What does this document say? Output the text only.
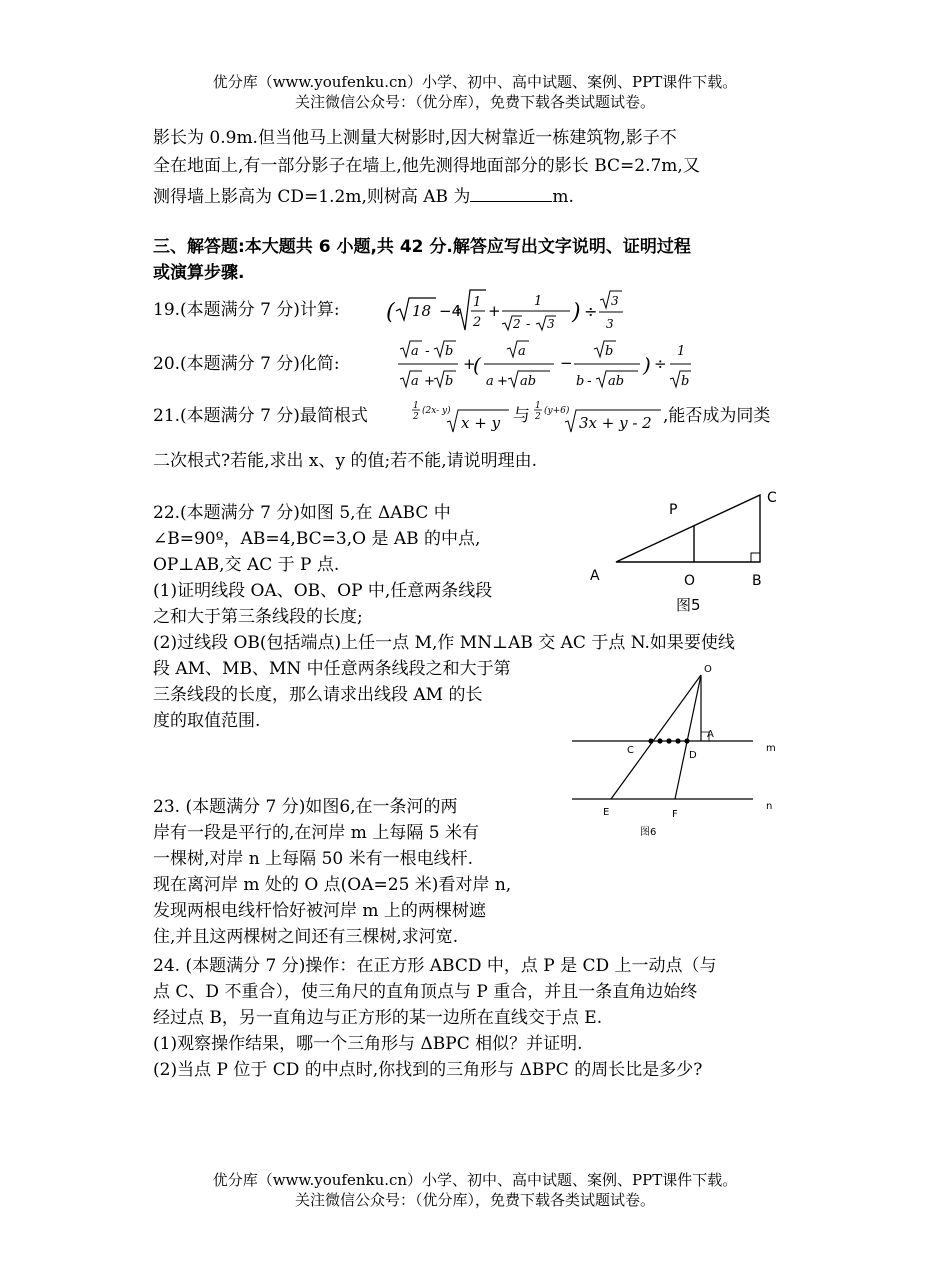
优分库（www.youfenku.cn）小学、初中、高中试题、案例、PPT课件下载。
关注微信公众号：（优分库），免费下载各类试题试卷。
影长为 0.9m.但当他马上测量大树影时,因大树靠近一栋建筑物,影子不
全在地面上,有一部分影子在墙上,他先测得地面部分的影长 BC=2.7m,又
测得墙上影高为 CD=1.2m,则树高 AB 为	m.
三、解答题:本大题共 6 小题,共 42 分.解答应写出文字说明、证明过程
或演算步骤.
19.(本题满分 7 分)计算: ( 18 −4 1
2
+
1
2 - 3 ) ÷
3
3
20.(本题满分 7 分)化简:
a - b
a + b
+
(
a
a + ab
−
b
b - ab
) ÷
1
b
21.(本题满分 7 分)最简根式	1
2
(2x- y)
x + y 与 1
2
(y+6)
3x + y - 2 ,能否成为同类
二次根式?若能,求出 x、y 的值;若不能,请说明理由.
22.(本题满分 7 分)如图 5,在 ΔABC 中
∠B=90º，AB=4,BC=3,O 是 AB 的中点,
OP⊥AB,交 AC 于 P 点.
(1)证明线段 OA、OB、OP 中,任意两条线段
之和大于第三条线段的长度;
(2)过线段 OB(包括端点)上任一点 M,作 MN⊥AB 交 AC 于点 N.如果要使线
段 AM、MB、MN 中任意两条线段之和大于第
三条线段的长度，那么请求出线段 AM 的长
度的取值范围.
A	O	B
P
C
图5
23. (本题满分 7 分)如图6,在一条河的两
岸有一段是平行的,在河岸 m 上每隔 5 米有
一棵树,对岸 n 上每隔 50 米有一根电线杆.
现在离河岸 m 处的 O 点(OA=25 米)看对岸 n,
发现两根电线杆恰好被河岸 m 上的两棵树遮
住,并且这两棵树之间还有三棵树,求河宽.
O
A
C	D
E	F
m
n
图6
24. (本题满分 7 分)操作：在正方形 ABCD 中，点 P 是 CD 上一动点（与
点 C、D 不重合），使三角尺的直角顶点与 P 重合，并且一条直角边始终
经过点 B，另一直角边与正方形的某一边所在直线交于点 E.
(1)观察操作结果，哪一个三角形与 ΔBPC 相似？并证明.
(2)当点 P 位于 CD 的中点时,你找到的三角形与 ΔBPC 的周长比是多少?
优分库（www.youfenku.cn）小学、初中、高中试题、案例、PPT课件下载。
关注微信公众号：（优分库），免费下载各类试题试卷。
